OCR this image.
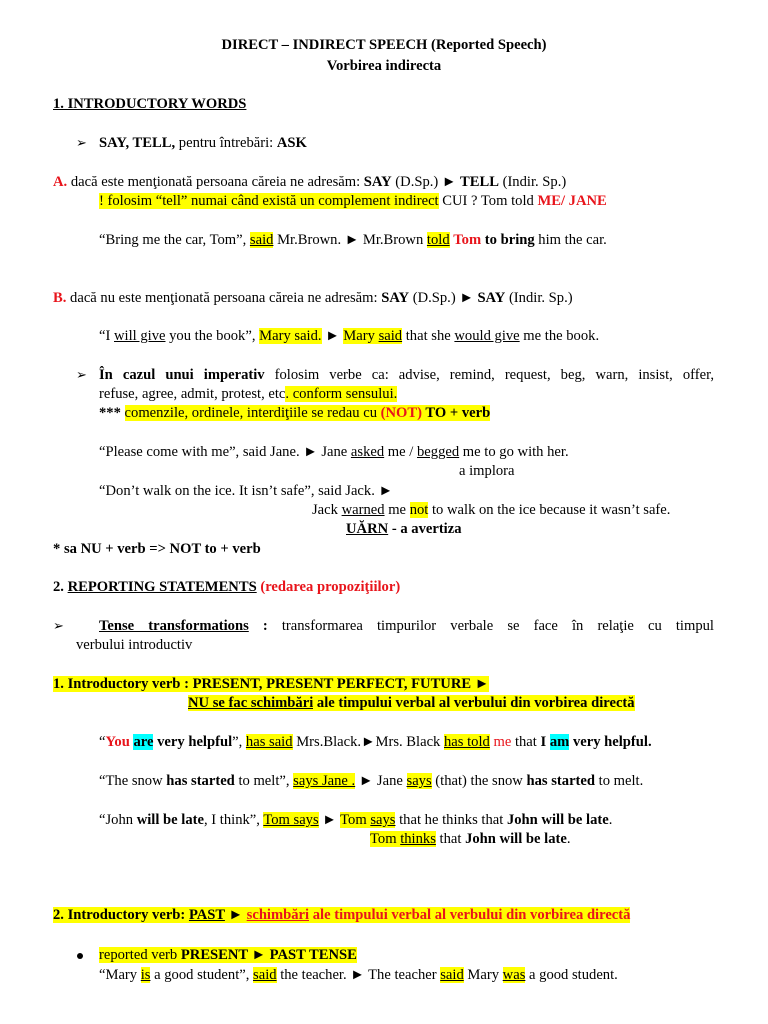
DIRECT – INDIRECT SPEECH (Reported Speech)
Vorbirea indirecta
1. INTRODUCTORY WORDS
➢ SAY, TELL, pentru întrebări: ASK
A. dacă este menţionată persoana căreia ne adresăm: SAY (D.Sp.) ► TELL (Indir. Sp.)
! folosim “tell” numai când există un complement indirect CUI ? Tom told ME/ JANE
“Bring me the car, Tom”, said Mr.Brown. ► Mr.Brown told Tom to bring him the car.
B. dacă nu este menţionată persoana căreia ne adresăm: SAY (D.Sp.) ► SAY (Indir. Sp.)
“I will give you the book”, Mary said. ► Mary said that she would give me the book.
➢ În cazul unui imperativ folosim verbe ca: advise, remind, request, beg, warn, insist, offer,
refuse, agree, admit, protest, etc. conform sensului.
*** comenzile, ordinele, interdiţiile se redau cu (NOT) TO + verb
“Please come with me”, said Jane. ► Jane asked me / begged me to go with her.
a implora
“Don’t walk on the ice. It isn’t safe”, said Jack. ►
Jack warned me not to walk on the ice because it wasn’t safe.
UĂRN - a avertiza
* sa NU + verb => NOT to + verb
2. REPORTING STATEMENTS (redarea propoziţiilor)
➢ Tense transformations : transformarea timpurilor verbale se face în relaţie cu timpul
verbului introductiv
1. Introductory verb : PRESENT, PRESENT PERFECT, FUTURE ►
NU se fac schimbări ale timpului verbal al verbului din vorbirea directă
“You are very helpful”, has said Mrs.Black.►Mrs. Black has told me that I am very helpful.
“The snow has started to melt”, says Jane . ► Jane says (that) the snow has started to melt.
“John will be late, I think”, Tom says ► Tom says that he thinks that John will be late.
Tom thinks that John will be late.
2. Introductory verb: PAST ► schimbări ale timpului verbal al verbului din vorbirea directă
reported verb PRESENT ► PAST TENSE
“Mary is a good student”, said the teacher. ► The teacher said Mary was a good student.
